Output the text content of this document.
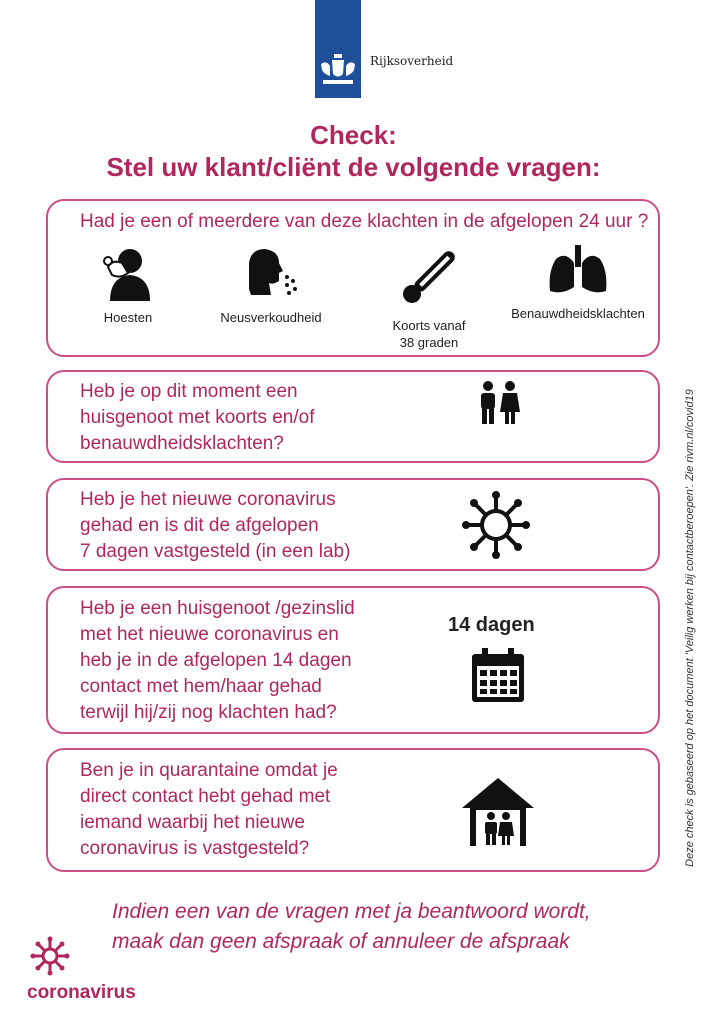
Rijksoverheid
Check:
Stel uw klant/cliënt de volgende vragen:
Had je een of meerdere van deze klachten in de afgelopen 24 uur ?
Hoesten	Neusverkoudheid
Koorts vanaf
38 graden
Benauwdheidsklachten
Heb je op dit moment een
huisgenoot met koorts en/of
benauwdheidsklachten?
Heb je het nieuwe coronavirus
gehad en is dit de afgelopen
7 dagen vastgesteld (in een lab)
Heb je een huisgenoot /gezinslid
met het nieuwe coronavirus en
heb je in de afgelopen 14 dagen
contact met hem/haar gehad
terwijl hij/zij nog klachten had?
14 dagen
Ben je in quarantaine omdat je
direct contact hebt gehad met
iemand waarbij het nieuwe
coronavirus is vastgesteld?	Deze check is gebaseerd op het document 'Veilig werken bij contactberoepen'. Zie rivm.nl/covid19
Indien een van de vragen met ja beantwoord wordt,
maak dan geen afspraak of annuleer de afspraak
coronavirus
